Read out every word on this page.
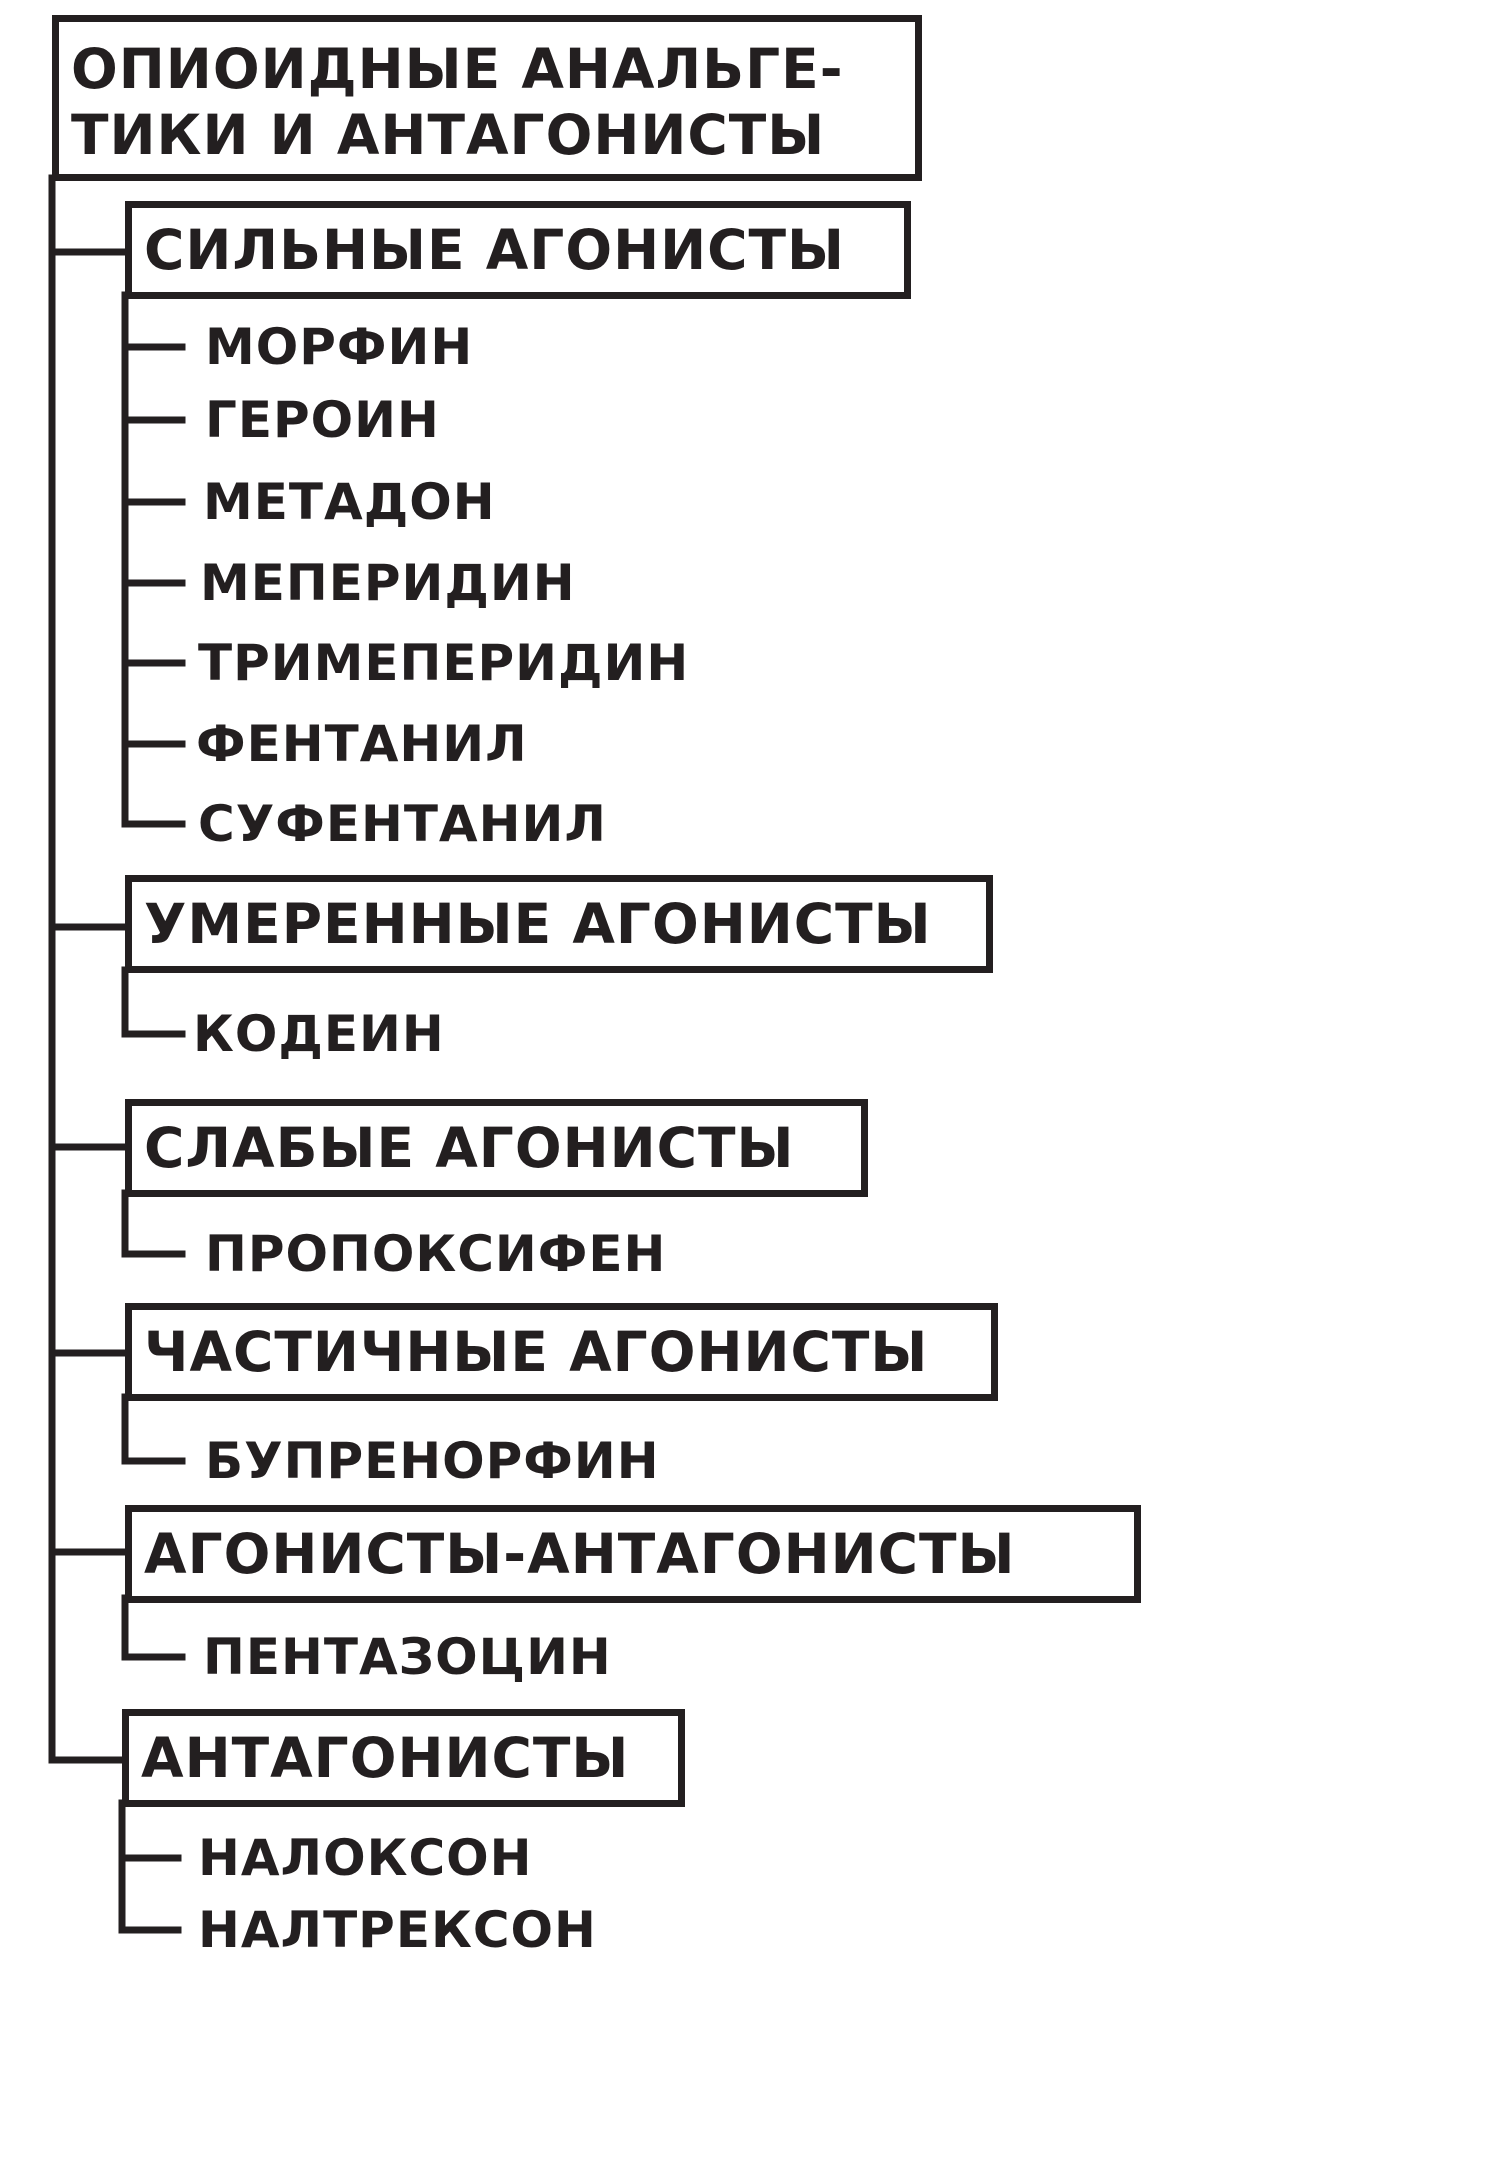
ОПИОИДНЫЕ АНАЛЬГЕ-
ТИКИ И АНТАГОНИСТЫ
СИЛЬНЫЕ АГОНИСТЫ
МОРФИН
ГЕРОИН
МЕТАДОН
МЕПЕРИДИН
ТРИМЕПЕРИДИН
ФЕНТАНИЛ
СУФЕНТАНИЛ
УМЕРЕННЫЕ АГОНИСТЫ
КОДЕИН
СЛАБЫЕ АГОНИСТЫ
ПРОПОКСИФЕН
ЧАСТИЧНЫЕ АГОНИСТЫ
БУПРЕНОРФИН
АГОНИСТЫ-АНТАГОНИСТЫ
ПЕНТАЗОЦИН
АНТАГОНИСТЫ
НАЛОКСОН
НАЛТРЕКСОН
